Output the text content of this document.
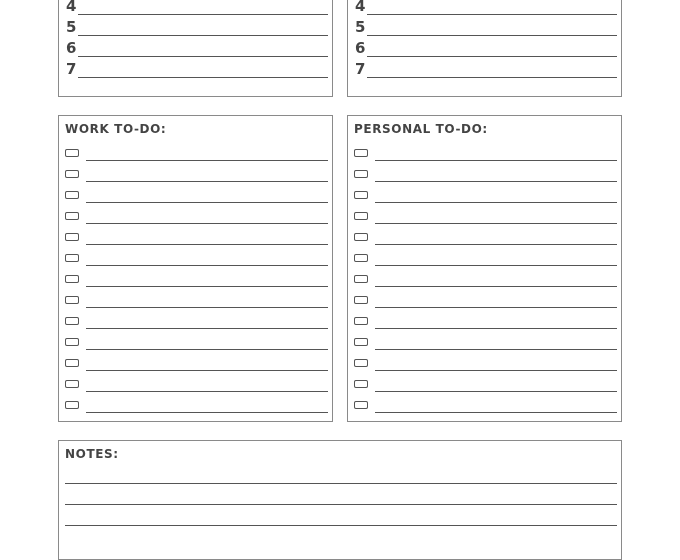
4
5
6
7
4
5
6
7
WORK TO-DO:	PERSONAL TO-DO:
NOTES:
